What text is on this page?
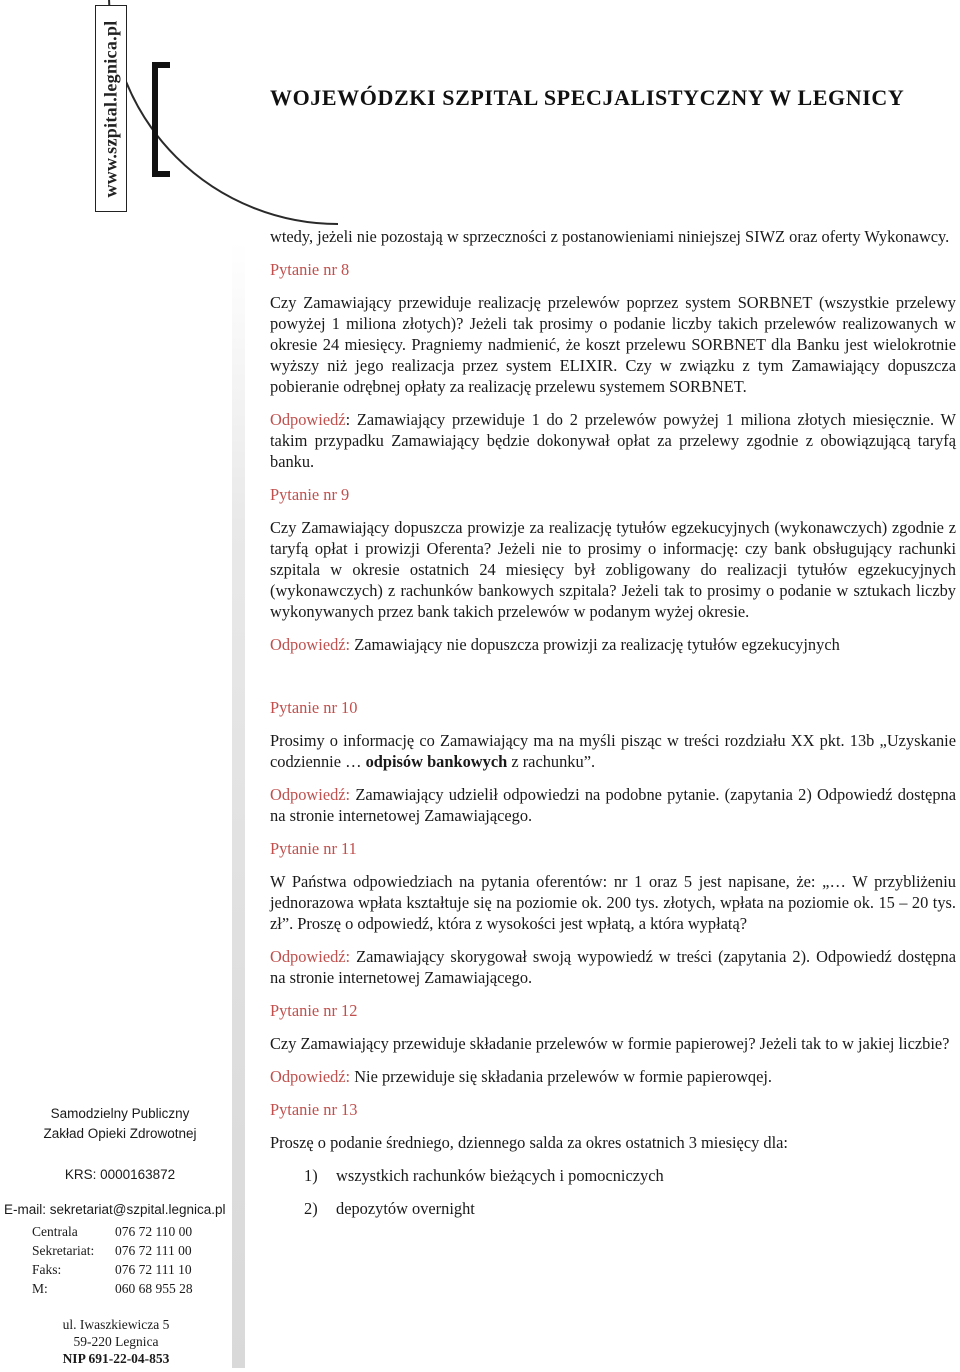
www.szpital.legnica.pl	WOJEWÓDZKI SZPITAL SPECJALISTYCZNY W LEGNICY

wtedy, jeżeli nie pozostają w sprzeczności z postanowieniami niniejszej SIWZ oraz oferty Wykonawcy.

Pytanie nr 8

Czy Zamawiający przewiduje realizację przelewów poprzez system SORBNET (wszystkie przelewy powyżej 1 miliona złotych)? Jeżeli tak prosimy o podanie liczby takich przelewów realizowanych w okresie 24 miesięcy. Pragniemy nadmienić, że koszt przelewu SORBNET dla Banku jest wielokrotnie wyższy niż jego realizacja przez system ELIXIR. Czy w związku z tym Zamawiający dopuszcza pobieranie odrębnej opłaty za realizację przelewu systemem SORBNET.

Odpowiedź: Zamawiający przewiduje 1 do 2 przelewów powyżej 1 miliona złotych miesięcznie. W takim przypadku Zamawiający będzie dokonywał opłat za przelewy zgodnie z obowiązującą taryfą banku.

Pytanie nr 9

Czy Zamawiający dopuszcza prowizje za realizację tytułów egzekucyjnych (wykonawczych) zgodnie z taryfą opłat i prowizji Oferenta? Jeżeli nie to prosimy o informację: czy bank obsługujący rachunki szpitala w okresie ostatnich 24 miesięcy był zobligowany do realizacji tytułów egzekucyjnych (wykonawczych) z rachunków bankowych szpitala? Jeżeli tak to prosimy o podanie w sztukach liczby wykonywanych przez bank takich przelewów w podanym wyżej okresie.

Odpowiedź: Zamawiający nie dopuszcza prowizji za realizację tytułów egzekucyjnych

Pytanie nr 10

Prosimy o informację co Zamawiający ma na myśli pisząc w treści rozdziału XX pkt. 13b „Uzyskanie codziennie … odpisów bankowych z rachunku”.

Odpowiedź: Zamawiający udzielił odpowiedzi na podobne pytanie. (zapytania 2) Odpowiedź dostępna na stronie internetowej Zamawiającego.

Pytanie nr 11

W Państwa odpowiedziach na pytania oferentów: nr 1 oraz 5 jest napisane, że: „… W przybliżeniu jednorazowa wpłata kształtuje się na poziomie ok. 200 tys. złotych, wpłata na poziomie ok. 15 – 20 tys. zł”. Proszę o odpowiedź, która z wysokości jest wpłatą, a która wypłatą?

Odpowiedź: Zamawiający skorygował swoją wypowiedź w treści (zapytania 2). Odpowiedź dostępna na stronie internetowej Zamawiającego.

Pytanie nr 12

Czy Zamawiający przewiduje składanie przelewów w formie papierowej? Jeżeli tak to w jakiej liczbie?

Odpowiedź: Nie przewiduje się składania przelewów w formie papierowqej.

Pytanie nr 13

Proszę o podanie średniego, dziennego salda za okres ostatnich 3 miesięcy dla:

1)	wszystkich rachunków bieżących i pomocniczych
2)	depozytów overnight
Samodzielny Publiczny
Zakład Opieki Zdrowotnej
KRS: 0000163872
E-mail: sekretariat@szpital.legnica.pl
Centrala	076 72 110 00
Sekretariat:	076 72 111 00
Faks:	076 72 111 10
M:	060 68 955 28
ul. Iwaszkiewicza 5
59-220 Legnica
NIP 691-22-04-853
